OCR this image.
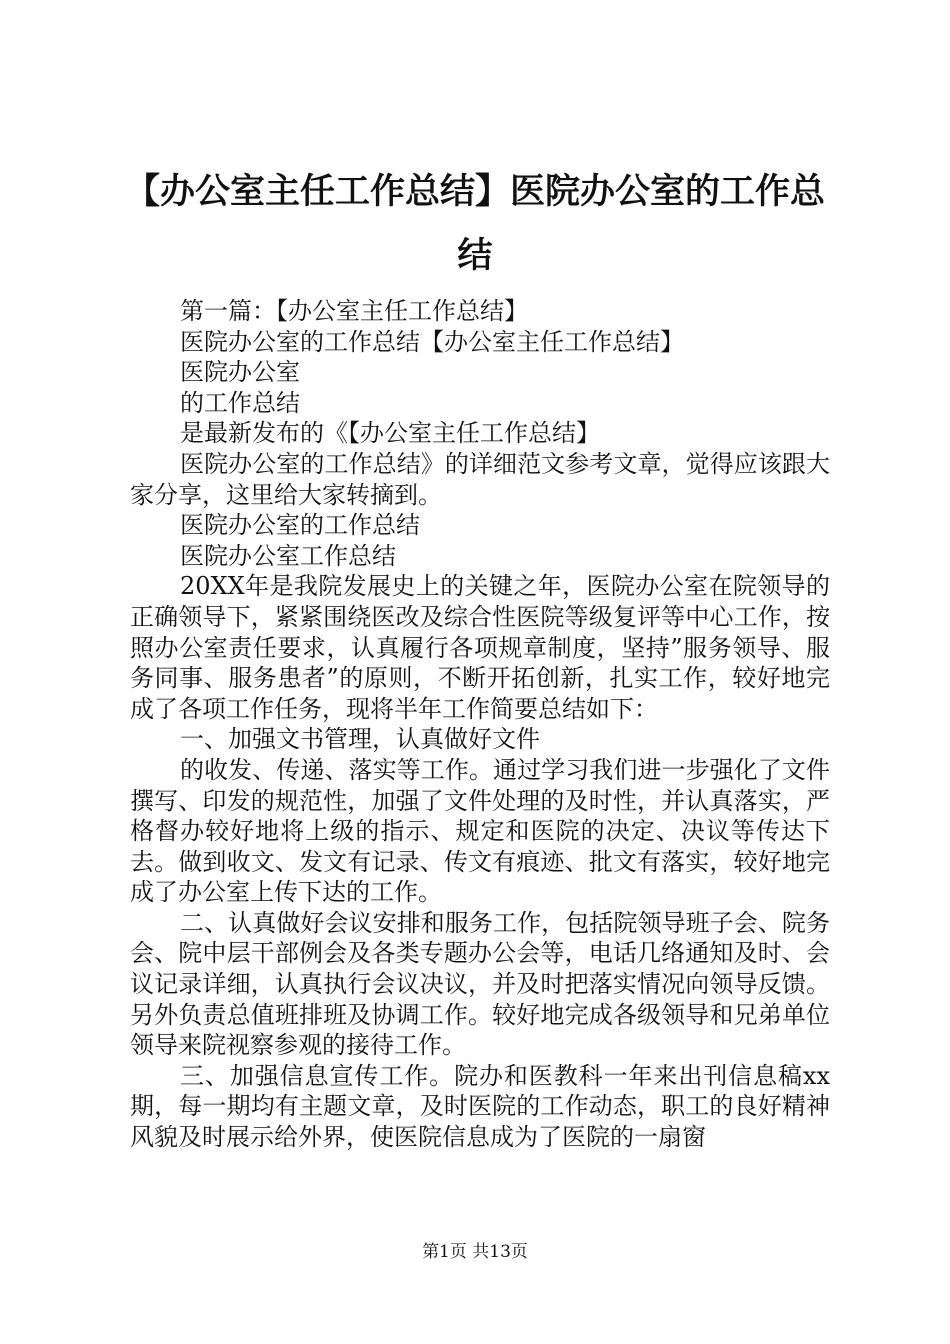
【办公室主任工作总结】医院办公室的工作总结

第一篇：【办公室主任工作总结】

医院办公室的工作总结【办公室主任工作总结】

医院办公室

的工作总结

是最新发布的《【办公室主任工作总结】

医院办公室的工作总结》的详细范文参考文章，觉得应该跟大家分享，这里给大家转摘到。

医院办公室的工作总结

医院办公室工作总结

20XX年是我院发展史上的关键之年，医院办公室在院领导的正确领导下，紧紧围绕医改及综合性医院等级复评等中心工作，按照办公室责任要求，认真履行各项规章制度，坚持”服务领导、服务同事、服务患者”的原则，不断开拓创新，扎实工作，较好地完成了各项工作任务，现将半年工作简要总结如下：

一、加强文书管理，认真做好文件

的收发、传递、落实等工作。通过学习我们进一步强化了文件撰写、印发的规范性，加强了文件处理的及时性，并认真落实，严格督办较好地将上级的指示、规定和医院的决定、决议等传达下去。做到收文、发文有记录、传文有痕迹、批文有落实，较好地完成了办公室上传下达的工作。

二、认真做好会议安排和服务工作，包括院领导班子会、院务会、院中层干部例会及各类专题办公会等，电话几络通知及时、会议记录详细，认真执行会议决议，并及时把落实情况向领导反馈。另外负责总值班排班及协调工作。较好地完成各级领导和兄弟单位领导来院视察参观的接待工作。

三、加强信息宣传工作。院办和医教科一年来出刊信息稿xx期，每一期均有主题文章，及时医院的工作动态，职工的良好精神风貌及时展示给外界，使医院信息成为了医院的一扇窗

第1页 共13页
